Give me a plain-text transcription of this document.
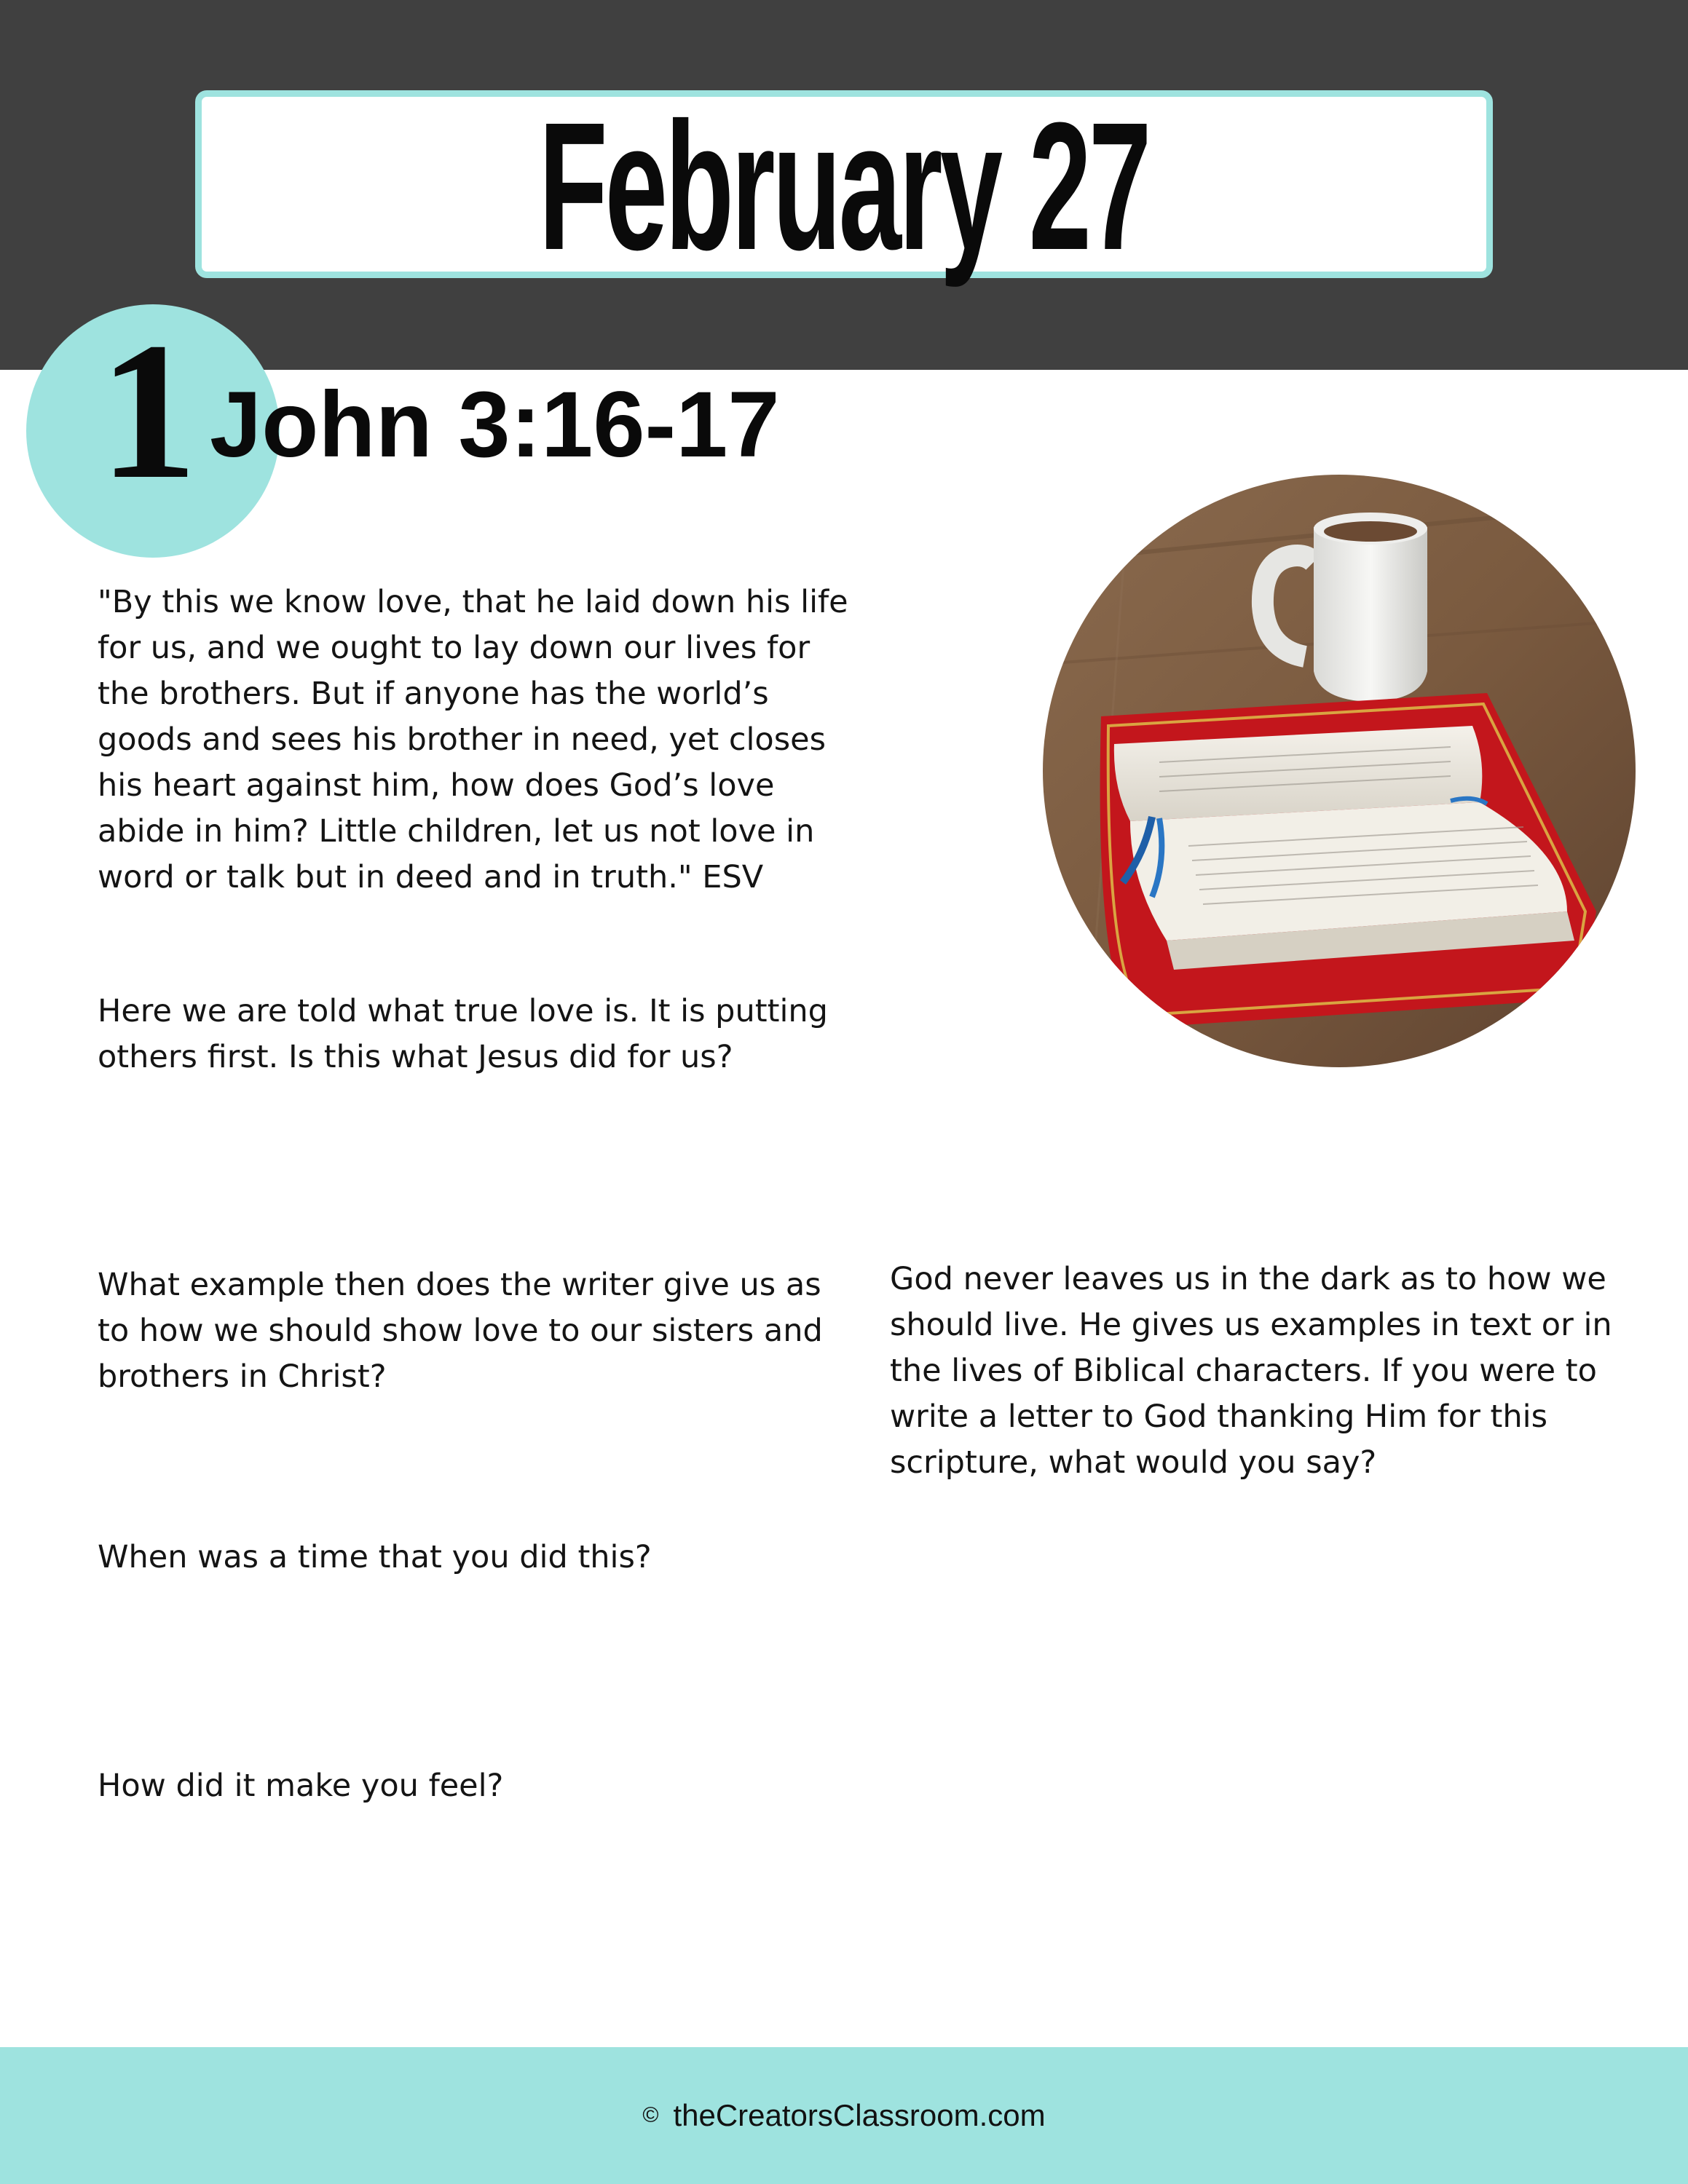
February 27
1 John 3:16-17
"By this we know love, that he laid down his life for us, and we ought to lay down our lives for the brothers. But if anyone has the world’s goods and sees his brother in need, yet closes his heart against him, how does God’s love abide in him? Little children, let us not love in word or talk but in deed and in truth." ESV
Here we are told what true love is. It is putting others first. Is this what Jesus did for us?
What example then does the writer give us as to how we should show love to our sisters and brothers in Christ?
When was a time that you did this?
How did it make you feel?
God never leaves us in the dark as to how we should live. He gives us examples in text or in the lives of Biblical characters. If you were to write a letter to God thanking Him for this scripture, what would you say?
© theCreatorsClassroom.com
